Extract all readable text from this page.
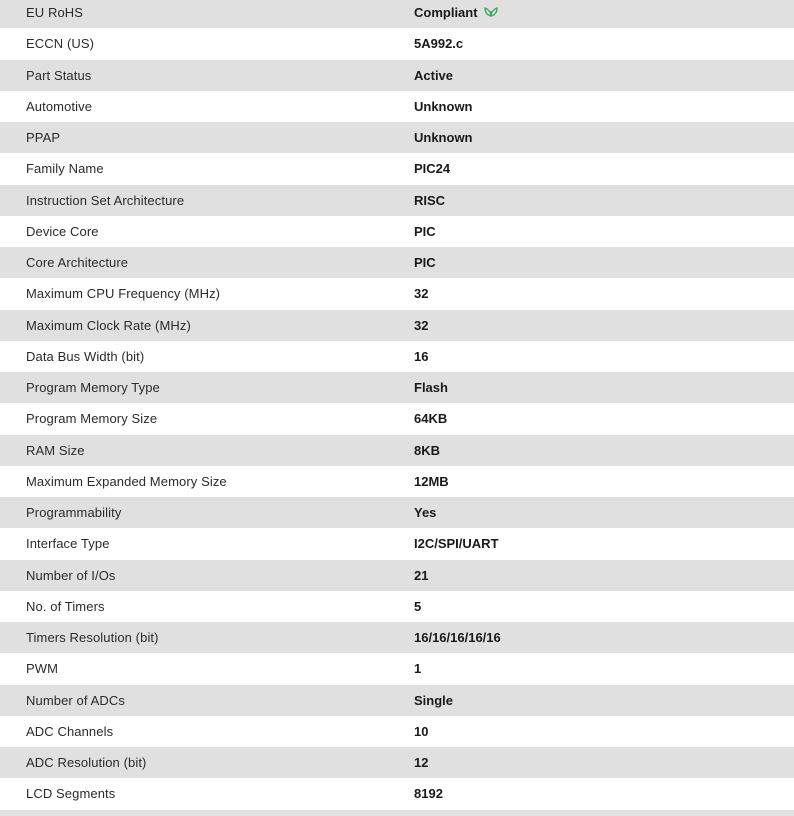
EU RoHS	Compliant
ECCN (US)	5A992.c
Part Status	Active
Automotive	Unknown
PPAP	Unknown
Family Name	PIC24
Instruction Set Architecture	RISC
Device Core	PIC
Core Architecture	PIC
Maximum CPU Frequency (MHz)	32
Maximum Clock Rate (MHz)	32
Data Bus Width (bit)	16
Program Memory Type	Flash
Program Memory Size	64KB
RAM Size	8KB
Maximum Expanded Memory Size	12MB
Programmability	Yes
Interface Type	I2C/SPI/UART
Number of I/Os	21
No. of Timers	5
Timers Resolution (bit)	16/16/16/16/16
PWM	1
Number of ADCs	Single
ADC Channels	10
ADC Resolution (bit)	12
LCD Segments	8192
